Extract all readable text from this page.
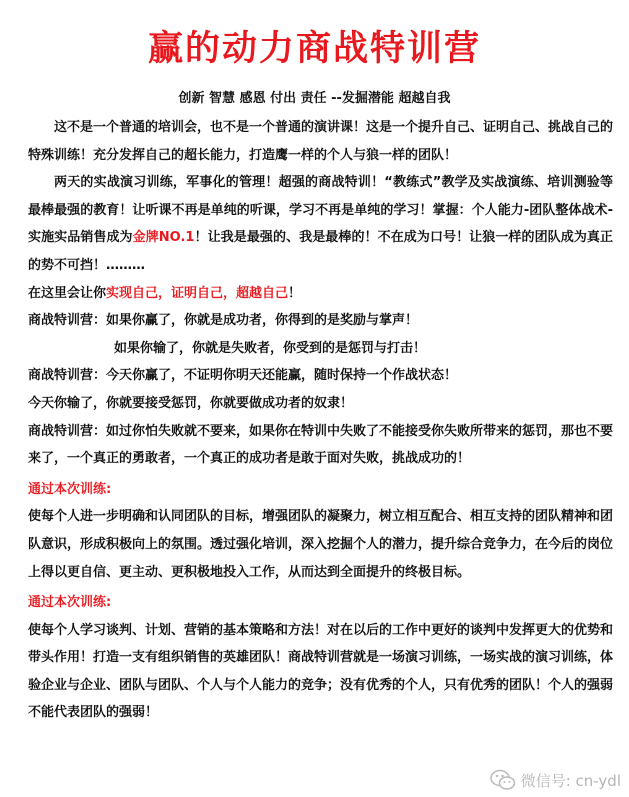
赢的动力商战特训营
创新 智慧 感恩 付出 责任 --发掘潜能 超越自我

这不是一个普通的培训会，也不是一个普通的演讲课！这是一个提升自己、证明自己、挑战自己的特殊训练！充分发挥自己的超长能力，打造鹰一样的个人与狼一样的团队！

两天的实战演习训练，军事化的管理！超强的商战特训！“教练式”教学及实战演练、培训测验等最棒最强的教育！让听课不再是单纯的听课，学习不再是单纯的学习！掌握：个人能力-团队整体战术-实施实品销售成为金牌NO.1！让我是最强的、我是最棒的！不在成为口号！让狼一样的团队成为真正的势不可挡！………

在这里会让你实现自己，证明自己，超越自己！

商战特训营：如果你赢了，你就是成功者，你得到的是奖励与掌声！

如果你输了，你就是失败者，你受到的是惩罚与打击！

商战特训营：今天你赢了，不证明你明天还能赢，随时保持一个作战状态！

今天你输了，你就要接受惩罚，你就要做成功者的奴隶！

商战特训营：如过你怕失败就不要来，如果你在特训中失败了不能接受你失败所带来的惩罚，那也不要来了，一个真正的勇敢者，一个真正的成功者是敢于面对失败，挑战成功的！

通过本次训练:

使每个人进一步明确和认同团队的目标，增强团队的凝聚力，树立相互配合、相互支持的团队精神和团队意识，形成积极向上的氛围。透过强化培训，深入挖掘个人的潜力，提升综合竞争力，在今后的岗位上得以更自信、更主动、更积极地投入工作，从而达到全面提升的终极目标。

通过本次训练:

使每个人学习谈判、计划、营销的基本策略和方法！对在以后的工作中更好的谈判中发挥更大的优势和带头作用！打造一支有组织销售的英雄团队！商战特训营就是一场演习训练，一场实战的演习训练，体验企业与企业、团队与团队、个人与个人能力的竞争；没有优秀的个人，只有优秀的团队！个人的强弱不能代表团队的强弱！

微信号: cn-ydl
